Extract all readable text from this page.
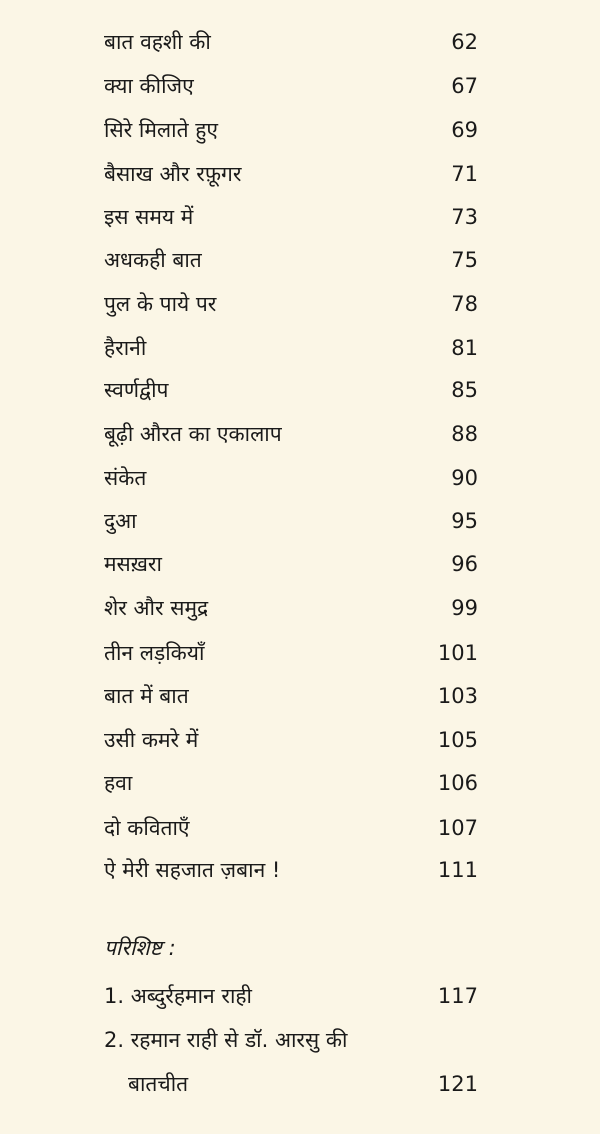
बात वहशी की	62
क्या कीजिए	67
सिरे मिलाते हुए	69
बैसाख और रफ़ूगर	71
इस समय में	73
अधकही बात	75
पुल के पाये पर	78
हैरानी	81
स्वर्णद्वीप	85
बूढ़ी औरत का एकालाप	88
संकेत	90
दुआ	95
मसख़रा	96
शेर और समुद्र	99
तीन लड़कियाँ	101
बात में बात	103
उसी कमरे में	105
हवा	106
दो कविताएँ	107
ऐ मेरी सहजात ज़बान !	111
परिशिष्ट :
1. अब्दुर्रहमान राही	117
2. रहमान राही से डॉ. आरसु की
बातचीत	121
